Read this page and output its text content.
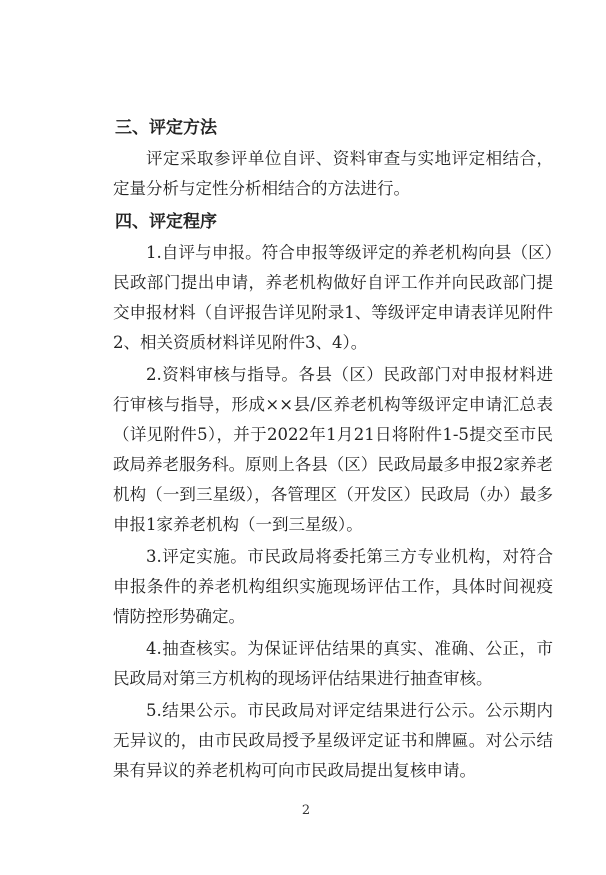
三、评定方法

评定采取参评单位自评、资料审查与实地评定相结合，定量分析与定性分析相结合的方法进行。

四、评定程序

1.自评与申报。符合申报等级评定的养老机构向县（区）民政部门提出申请，养老机构做好自评工作并向民政部门提交申报材料（自评报告详见附录1、等级评定申请表详见附件2、相关资质材料详见附件3、4）。

2.资料审核与指导。各县（区）民政部门对申报材料进行审核与指导，形成××县/区养老机构等级评定申请汇总表（详见附件5），并于2022年1月21日将附件1-5提交至市民政局养老服务科。原则上各县（区）民政局最多申报2家养老机构（一到三星级），各管理区（开发区）民政局（办）最多申报1家养老机构（一到三星级）。

3.评定实施。市民政局将委托第三方专业机构，对符合申报条件的养老机构组织实施现场评估工作，具体时间视疫情防控形势确定。

4.抽查核实。为保证评估结果的真实、准确、公正，市民政局对第三方机构的现场评估结果进行抽查审核。

5.结果公示。市民政局对评定结果进行公示。公示期内无异议的，由市民政局授予星级评定证书和牌匾。对公示结果有异议的养老机构可向市民政局提出复核申请。

2
